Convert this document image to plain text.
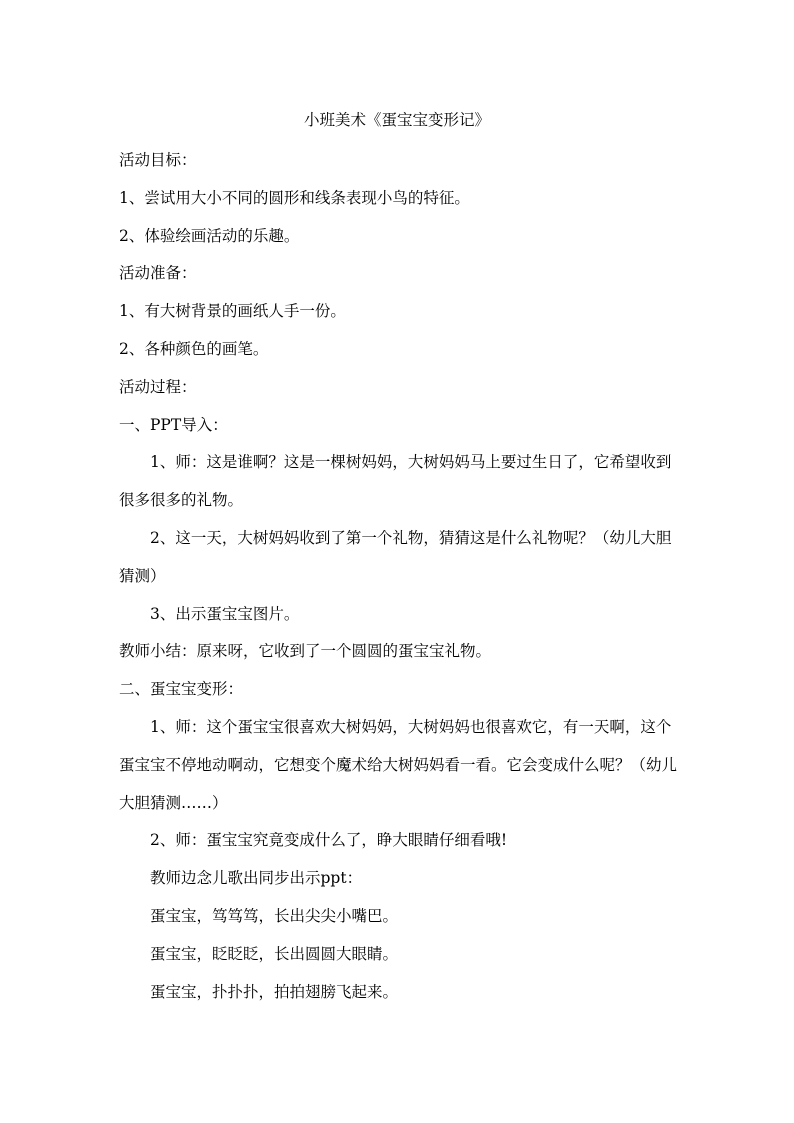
小班美术《蛋宝宝变形记》

活动目标：

1、尝试用大小不同的圆形和线条表现小鸟的特征。

2、体验绘画活动的乐趣。

活动准备：

1、有大树背景的画纸人手一份。

2、各种颜色的画笔。

活动过程：

一、PPT导入：

1、师：这是谁啊？这是一棵树妈妈，大树妈妈马上要过生日了，它希望收到很多很多的礼物。

2、这一天，大树妈妈收到了第一个礼物，猜猜这是什么礼物呢？（幼儿大胆猜测）

3、出示蛋宝宝图片。

教师小结：原来呀，它收到了一个圆圆的蛋宝宝礼物。

二、蛋宝宝变形：

1、师：这个蛋宝宝很喜欢大树妈妈，大树妈妈也很喜欢它，有一天啊，这个蛋宝宝不停地动啊动，它想变个魔术给大树妈妈看一看。它会变成什么呢？（幼儿大胆猜测……）

2、师：蛋宝宝究竟变成什么了，睁大眼睛仔细看哦!

教师边念儿歌出同步出示ppt：

蛋宝宝，笃笃笃，长出尖尖小嘴巴。

蛋宝宝，眨眨眨，长出圆圆大眼睛。

蛋宝宝，扑扑扑，拍拍翅膀飞起来。
